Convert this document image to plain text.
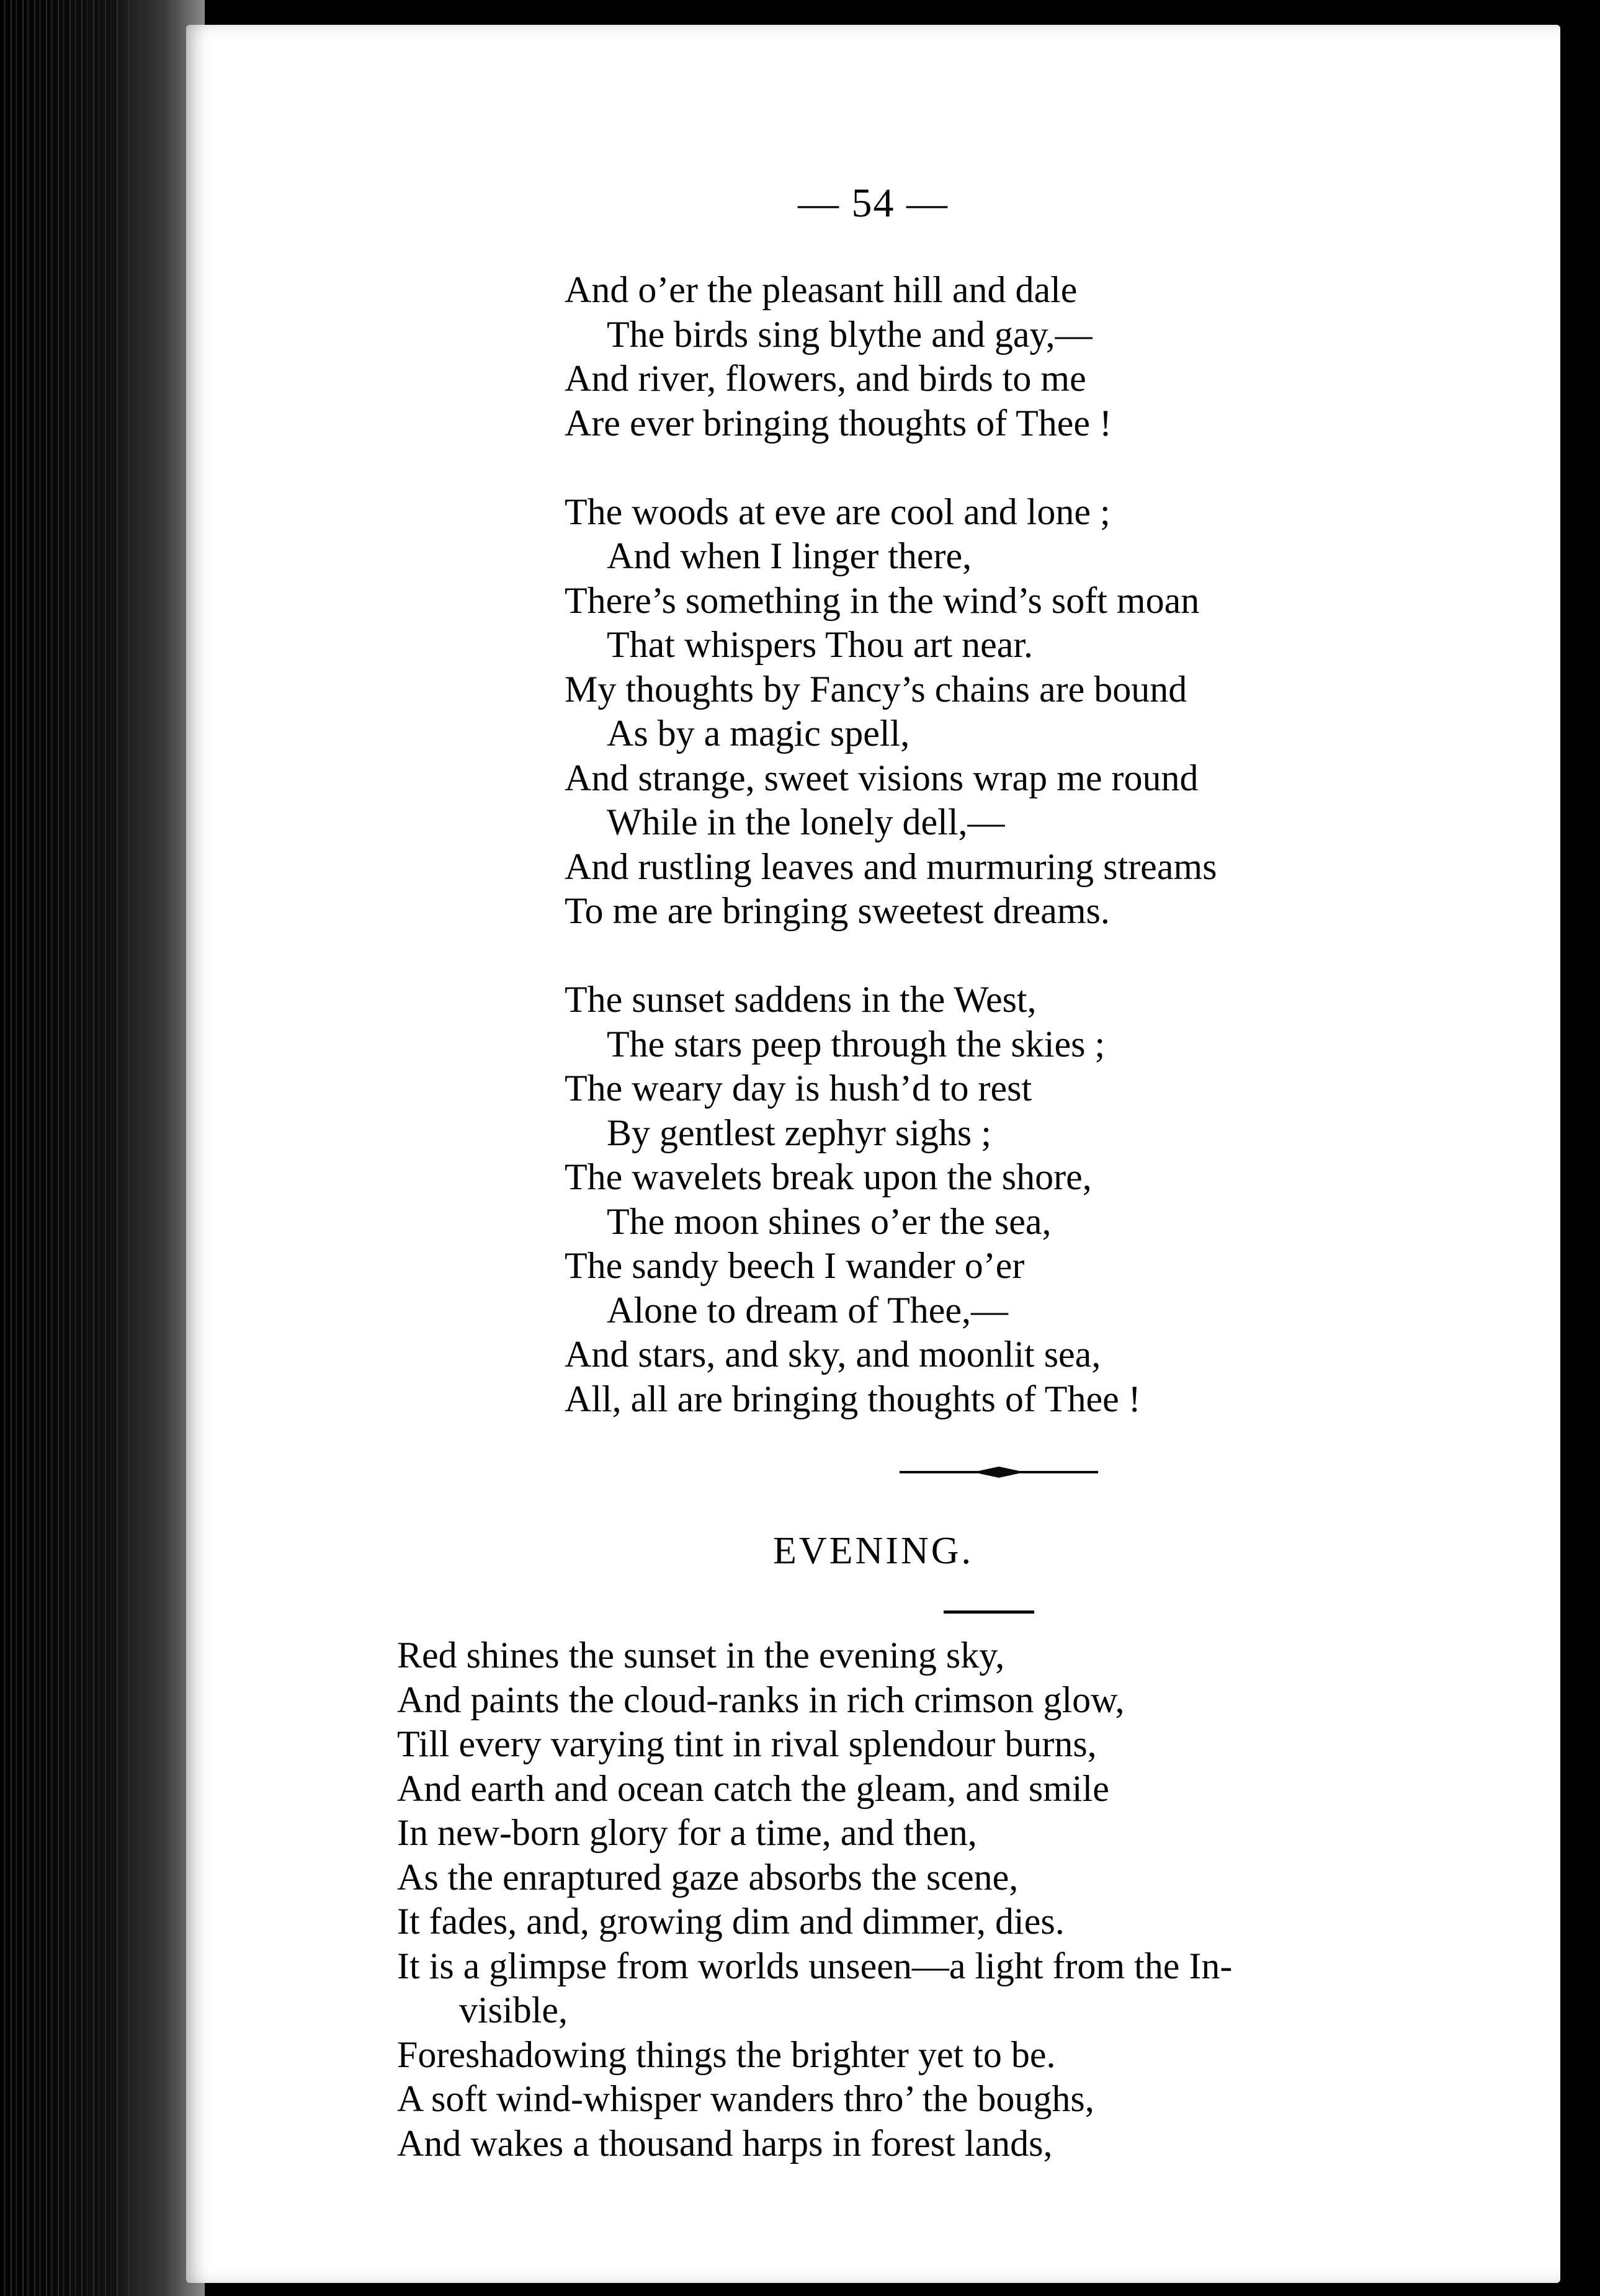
— 54 —
And o’er the pleasant hill and dale
The birds sing blythe and gay,—
And river, flowers, and birds to me
Are ever bringing thoughts of Thee !
The woods at eve are cool and lone ;
And when I linger there,
There’s something in the wind’s soft moan
That whispers Thou art near.
My thoughts by Fancy’s chains are bound
As by a magic spell,
And strange, sweet visions wrap me round
While in the lonely dell,—
And rustling leaves and murmuring streams
To me are bringing sweetest dreams.
The sunset saddens in the West,
The stars peep through the skies ;
The weary day is hush’d to rest
By gentlest zephyr sighs ;
The wavelets break upon the shore,
The moon shines o’er the sea,
The sandy beech I wander o’er
Alone to dream of Thee,—
And stars, and sky, and moonlit sea,
All, all are bringing thoughts of Thee !
EVENING.
Red shines the sunset in the evening sky,
And paints the cloud-ranks in rich crimson glow,
Till every varying tint in rival splendour burns,
And earth and ocean catch the gleam, and smile
In new-born glory for a time, and then,
As the enraptured gaze absorbs the scene,
It fades, and, growing dim and dimmer, dies.
It is a glimpse from worlds unseen—a light from the In-
visible,
Foreshadowing things the brighter yet to be.
A soft wind-whisper wanders thro’ the boughs,
And wakes a thousand harps in forest lands,
